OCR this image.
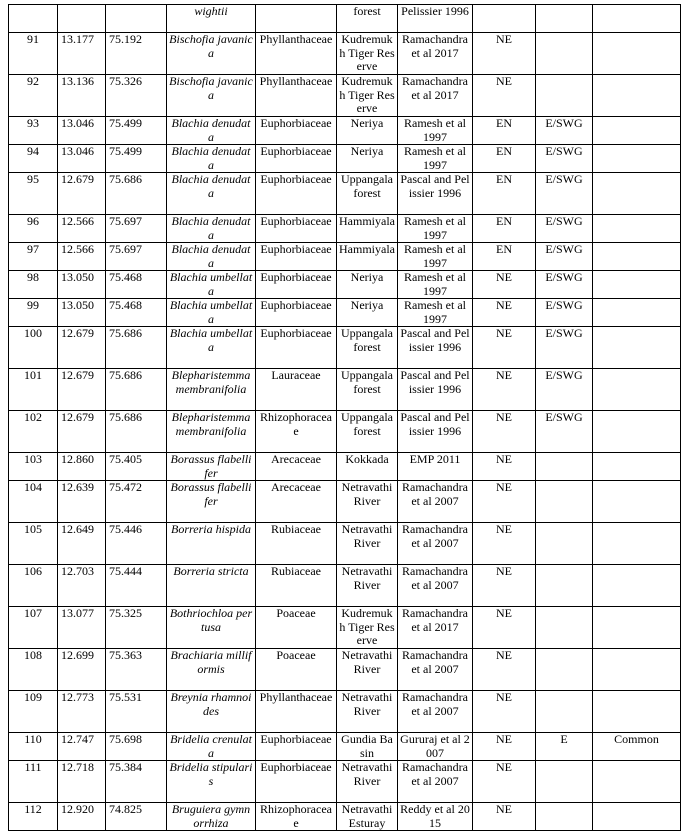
			wightii		forest	Pelissier 1996			
91	13.177	75.192	Bischofia javanica	Phyllanthaceae	Kudremukh Tiger Reserve	Ramachandra et al 2017	NE		
92	13.136	75.326	Bischofia javanica	Phyllanthaceae	Kudremukh Tiger Reserve	Ramachandra et al 2017	NE		
93	13.046	75.499	Blachia denudata	Euphorbiaceae	Neriya	Ramesh et al 1997	EN	E/SWG	
94	13.046	75.499	Blachia denudata	Euphorbiaceae	Neriya	Ramesh et al 1997	EN	E/SWG	
95	12.679	75.686	Blachia denudata	Euphorbiaceae	Uppangala forest	Pascal and Pelissier 1996	EN	E/SWG	
96	12.566	75.697	Blachia denudata	Euphorbiaceae	Hammiyala	Ramesh et al 1997	EN	E/SWG	
97	12.566	75.697	Blachia denudata	Euphorbiaceae	Hammiyala	Ramesh et al 1997	EN	E/SWG	
98	13.050	75.468	Blachia umbellata	Euphorbiaceae	Neriya	Ramesh et al 1997	NE	E/SWG	
99	13.050	75.468	Blachia umbellata	Euphorbiaceae	Neriya	Ramesh et al 1997	NE	E/SWG	
100	12.679	75.686	Blachia umbellata	Euphorbiaceae	Uppangala forest	Pascal and Pelissier 1996	NE	E/SWG	
101	12.679	75.686	Blepharistemma membranifolia	Lauraceae	Uppangala forest	Pascal and Pelissier 1996	NE	E/SWG	
102	12.679	75.686	Blepharistemma membranifolia	Rhizophoraceae	Uppangala forest	Pascal and Pelissier 1996	NE	E/SWG	
103	12.860	75.405	Borassus flabellifer	Arecaceae	Kokkada	EMP 2011	NE		
104	12.639	75.472	Borassus flabellifer	Arecaceae	Netravathi River	Ramachandra et al 2007	NE		
105	12.649	75.446	Borreria hispida	Rubiaceae	Netravathi River	Ramachandra et al 2007	NE		
106	12.703	75.444	Borreria stricta	Rubiaceae	Netravathi River	Ramachandra et al 2007	NE		
107	13.077	75.325	Bothriochloa pertusa	Poaceae	Kudremukh Tiger Reserve	Ramachandra et al 2017	NE		
108	12.699	75.363	Brachiaria milliformis	Poaceae	Netravathi River	Ramachandra et al 2007	NE		
109	12.773	75.531	Breynia rhamnoides	Phyllanthaceae	Netravathi River	Ramachandra et al 2007	NE		
110	12.747	75.698	Bridelia crenulata	Euphorbiaceae	Gundia Basin	Gururaj et al 2007	NE	E	Common
111	12.718	75.384	Bridelia stipularis	Euphorbiaceae	Netravathi River	Ramachandra et al 2007	NE		
112	12.920	74.825	Bruguiera gymnorrhiza	Rhizophoraceae	Netravathi Esturay	Reddy et al 2015	NE		
